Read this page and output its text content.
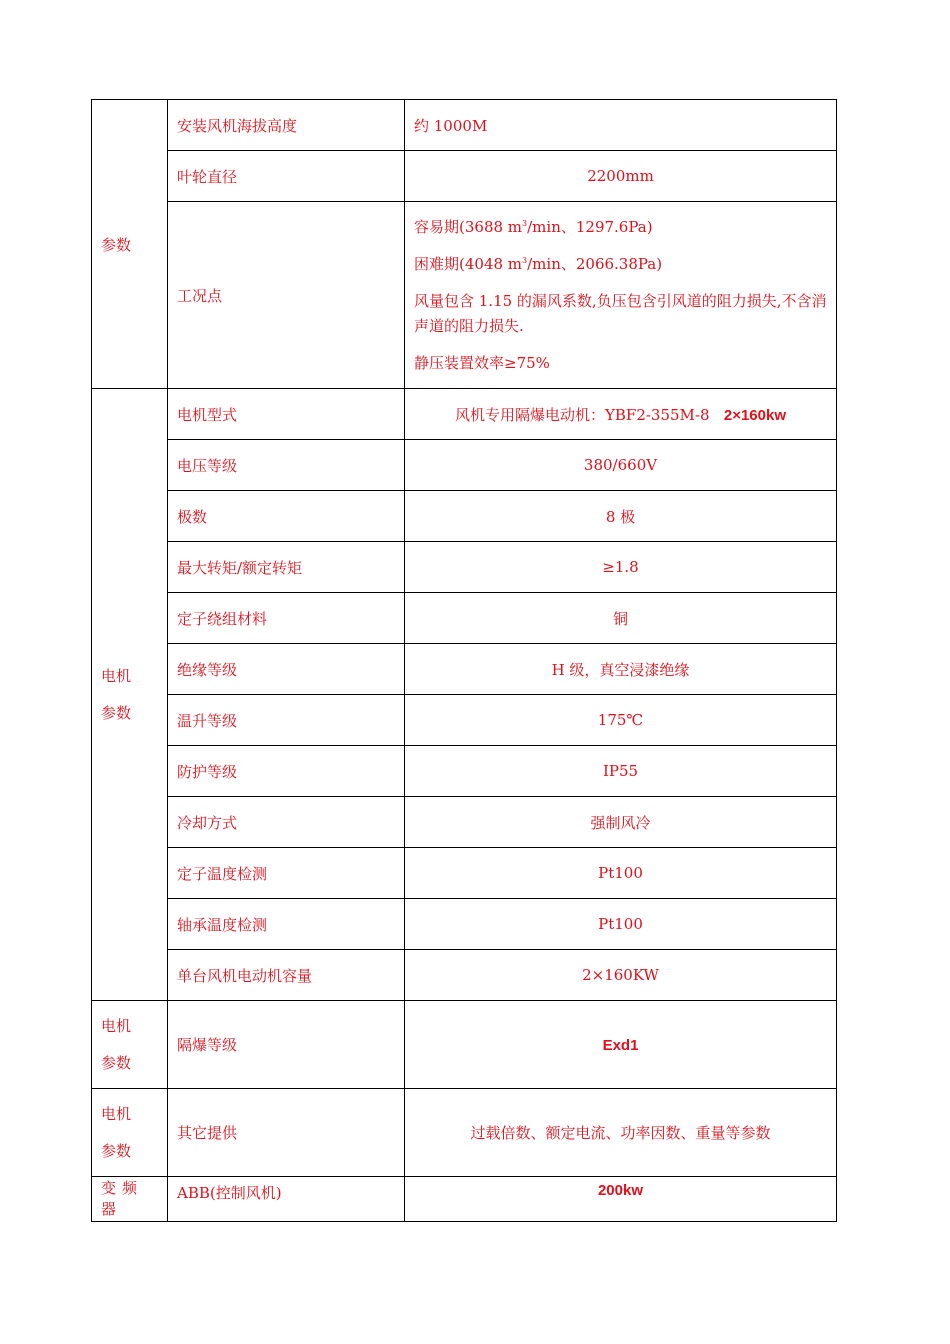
参数	安装风机海拔高度	约 1000M
	叶轮直径	2200mm
	工况点	容易期(3688 $m^3/\min$、1297.6Pa)

困难期(4048 $m^3/\min$、2066.38Pa)

风量包含 1.15 的漏风系数,负压包含引风道的阻力损失,不含消声道的阻力损失.

静压装置效率≥75%

电机
参数	电机型式	风机专用隔爆电动机：YBF2-355M-8 2×160kw
	电压等级	380/660V
	极数	8 极
	最大转矩/额定转矩	≥1.8
	定子绕组材料	铜
	绝缘等级	H 级，真空浸漆绝缘
	温升等级	175℃
	防护等级	IP55
	冷却方式	强制风冷
	定子温度检测	Pt100
	轴承温度检测	Pt100
	单台风机电动机容量	2×160KW

电机
参数	隔爆等级	Exd1

电机
参数	其它提供	过载倍数、额定电流、功率因数、重量等参数
变频器	ABB(控制风机)	200kw
